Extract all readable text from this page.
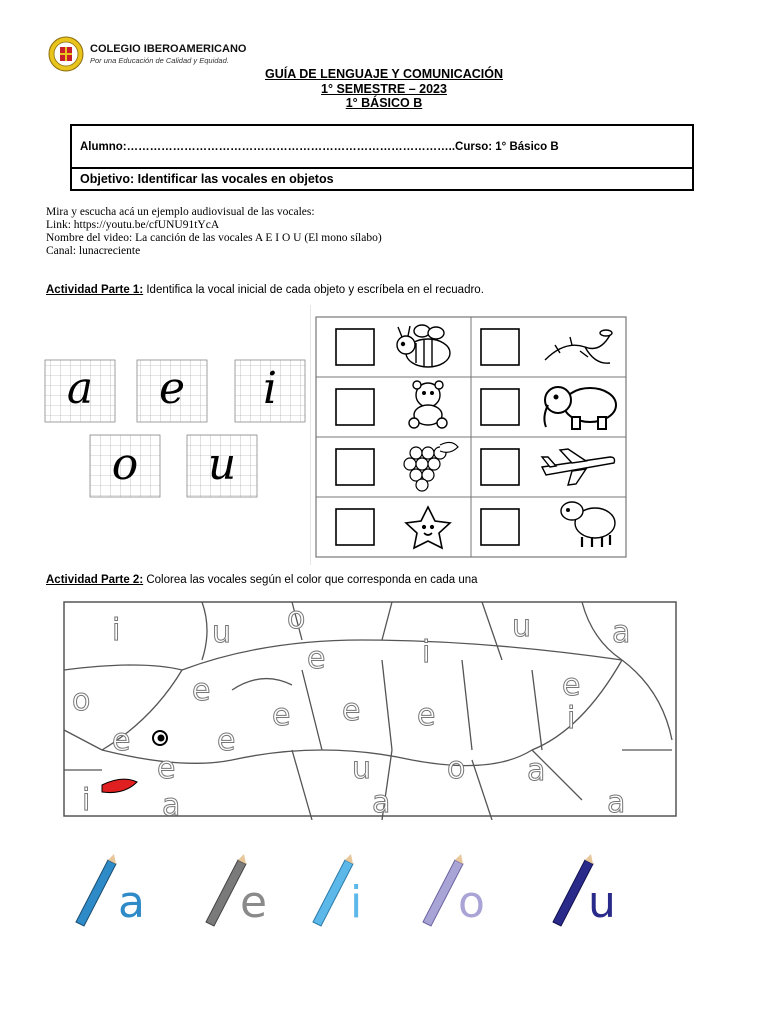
COLEGIO IBEROAMERICANO
Por una Educación de Calidad y Equidad.
GUÍA DE LENGUAJE Y COMUNICACIÓN
1° SEMESTRE – 2023
1° BÁSICO B
Alumno:………………………………………………………………………….. Curso: 1° Básico B
Objetivo:
Identificar las vocales en objetos
Mira y escucha acá un ejemplo audiovisual de las vocales:
Link: https://youtu.be/cfUNU91tYcA
Nombre del video: La canción de las vocales A E I O U (El mono sílabo)
Canal: lunacreciente
Actividad Parte 1: Identifica la vocal inicial de cada objeto y escríbela en el recuadro.
a e i
o u
Actividad Parte 2: Colorea las vocales según el color que corresponda en cada una
i	u o
e	i
u	a
e
e e e
e
i
o
e	e
e	u	o a
i a	a	a
a e i o u
